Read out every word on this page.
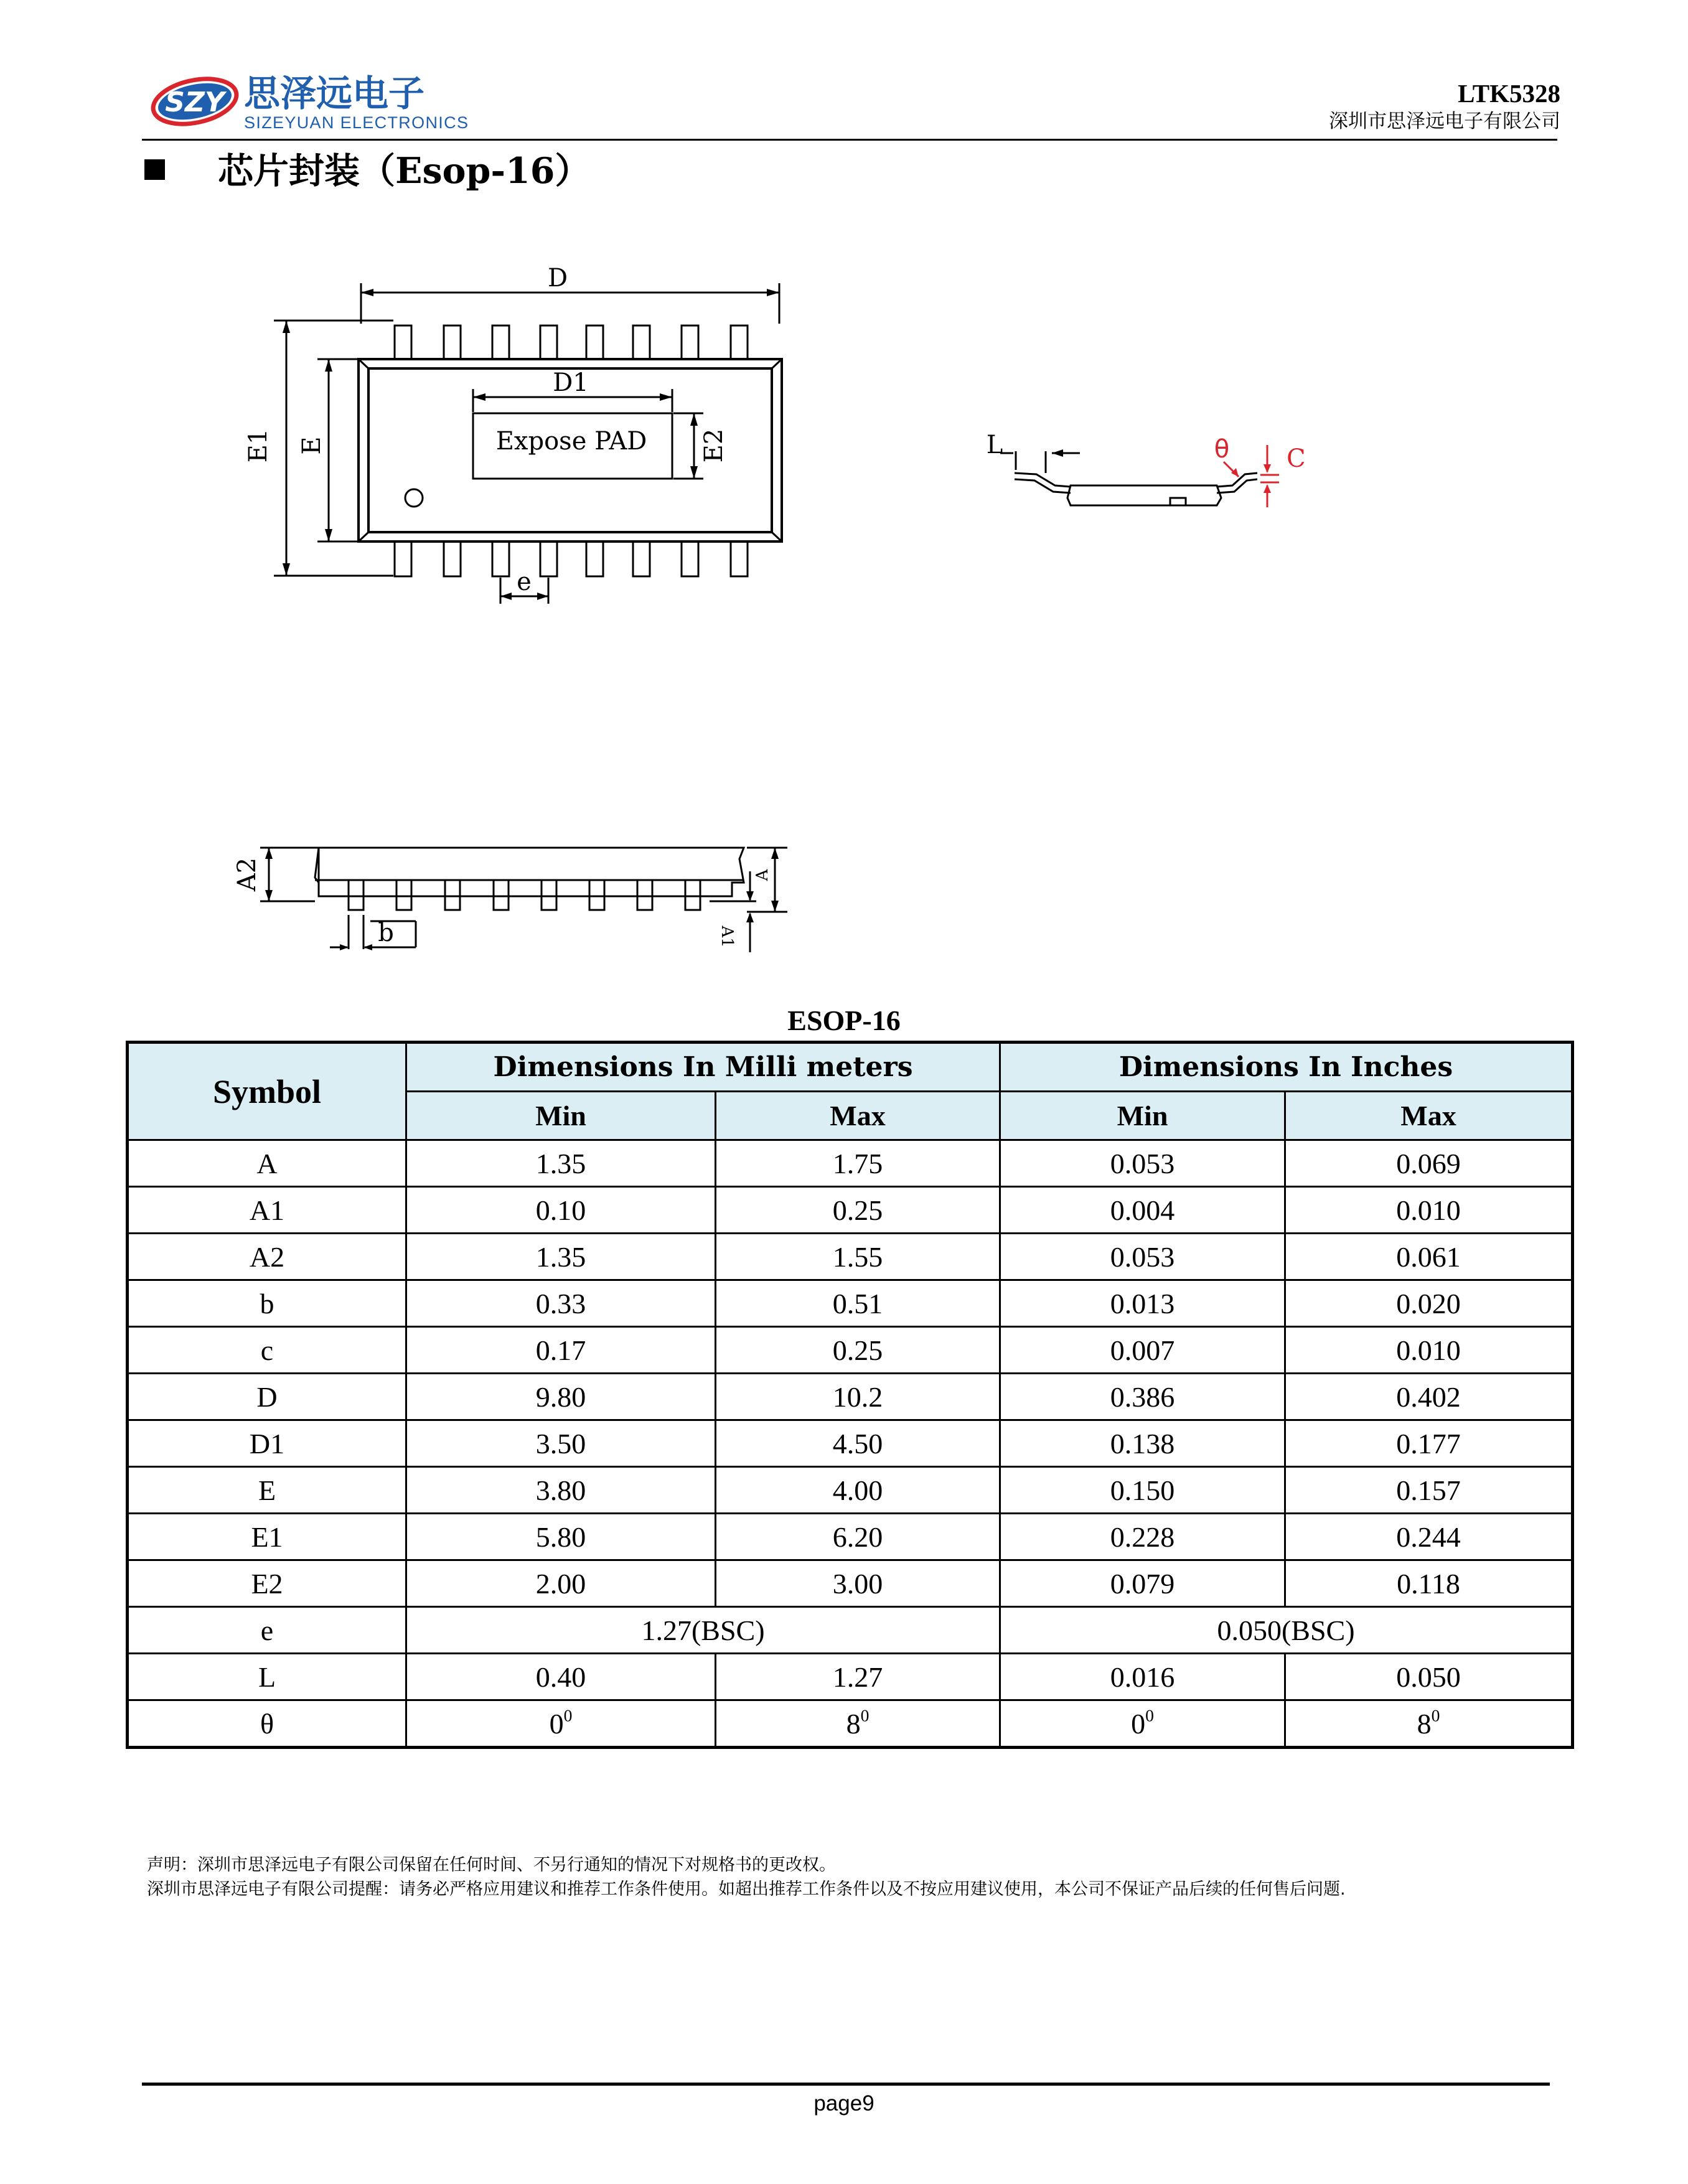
SZY 思泽远电子
SIZEYUAN ELECTRONICS
LTK5328
深圳市思泽远电子有限公司
芯片封装（Esop-16）
D
D1
Expose PAD E2
E1 E
e
L	θ C
A2
b
A
A1
ESOP-16
Symbol	Dimensions In Milli meters		Dimensions In Inches	
	Min	Max	Min	Max
A	1.35	1.75	0.053	0.069
A1	0.10	0.25	0.004	0.010
A2	1.35	1.55	0.053	0.061
b	0.33	0.51	0.013	0.020
c	0.17	0.25	0.007	0.010
D	9.80	10.2	0.386	0.402
D1	3.50	4.50	0.138	0.177
E	3.80	4.00	0.150	0.157
E1	5.80	6.20	0.228	0.244
E2	2.00	3.00	0.079	0.118
e	1.27(BSC)		0.050(BSC)	
L	0.40	1.27	0.016	0.050
θ	$0^0$	$8^0$	$0^0$	$8^0$
声明：深圳市思泽远电子有限公司保留在任何时间、不另行通知的情况下对规格书的更改权。
深圳市思泽远电子有限公司提醒：请务必严格应用建议和推荐工作条件使用。如超出推荐工作条件以及不按应用建议使用，本公司不保证产品后续的任何售后问题.
page9
